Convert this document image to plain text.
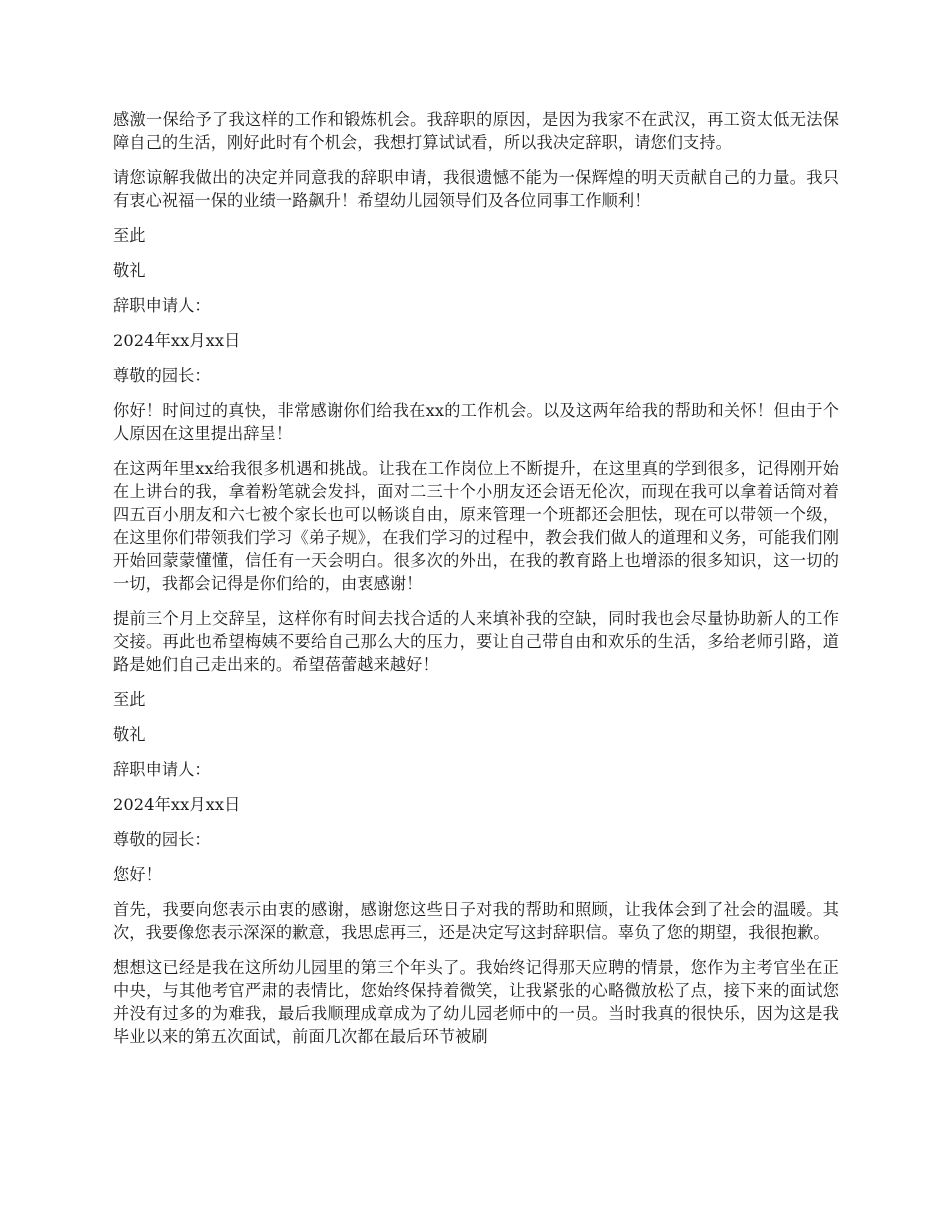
感激一保给予了我这样的工作和锻炼机会。我辞职的原因，是因为我家不在武汉，再工资太低无法保障自己的生活，刚好此时有个机会，我想打算试试看，所以我决定辞职，请您们支持。

请您谅解我做出的决定并同意我的辞职申请，我很遗憾不能为一保辉煌的明天贡献自己的力量。我只有衷心祝福一保的业绩一路飙升！希望幼儿园领导们及各位同事工作顺利！

至此

敬礼

辞职申请人：

2024年xx月xx日

尊敬的园长：

你好！时间过的真快，非常感谢你们给我在xx的工作机会。以及这两年给我的帮助和关怀！但由于个人原因在这里提出辞呈！

在这两年里xx给我很多机遇和挑战。让我在工作岗位上不断提升，在这里真的学到很多，记得刚开始在上讲台的我，拿着粉笔就会发抖，面对二三十个小朋友还会语无伦次，而现在我可以拿着话筒对着四五百小朋友和六七被个家长也可以畅谈自由，原来管理一个班都还会胆怯，现在可以带领一个级，在这里你们带领我们学习《弟子规》，在我们学习的过程中，教会我们做人的道理和义务，可能我们刚开始回蒙蒙懂懂，信任有一天会明白。很多次的外出，在我的教育路上也增添的很多知识，这一切的一切，我都会记得是你们给的，由衷感谢！

提前三个月上交辞呈，这样你有时间去找合适的人来填补我的空缺，同时我也会尽量协助新人的工作交接。再此也希望梅姨不要给自己那么大的压力，要让自己带自由和欢乐的生活，多给老师引路，道路是她们自己走出来的。希望蓓蕾越来越好！

至此

敬礼

辞职申请人：

2024年xx月xx日

尊敬的园长：

您好！

首先，我要向您表示由衷的感谢，感谢您这些日子对我的帮助和照顾，让我体会到了社会的温暖。其次，我要像您表示深深的歉意，我思虑再三，还是决定写这封辞职信。辜负了您的期望，我很抱歉。

想想这已经是我在这所幼儿园里的第三个年头了。我始终记得那天应聘的情景，您作为主考官坐在正中央，与其他考官严肃的表情比，您始终保持着微笑，让我紧张的心略微放松了点，接下来的面试您并没有过多的为难我，最后我顺理成章成为了幼儿园老师中的一员。当时我真的很快乐，因为这是我毕业以来的第五次面试，前面几次都在最后环节被刷
